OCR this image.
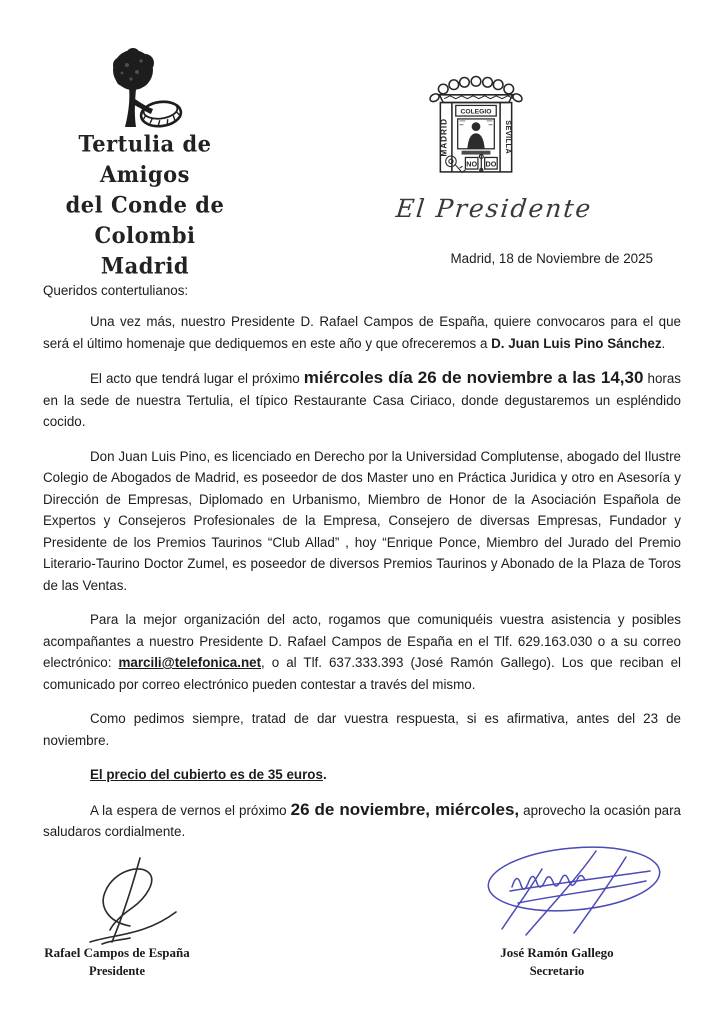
Tertulia de Amigos
del Conde de Colombi
Madrid
MADRID	SEVILLA
COLEGIO
NO DO
El Presidente
Madrid, 18 de Noviembre de 2025
Queridos contertulianos:

Una vez más, nuestro Presidente D. Rafael Campos de España, quiere convocaros para el que será el último homenaje que dediquemos en este año y que ofreceremos a D. Juan Luis Pino Sánchez.

El acto que tendrá lugar el próximo miércoles día 26 de noviembre a las 14,30 horas en la sede de nuestra Tertulia, el típico Restaurante Casa Ciriaco, donde degustaremos un espléndido cocido.

Don Juan Luis Pino, es licenciado en Derecho por la Universidad Complutense, abogado del Ilustre Colegio de Abogados de Madrid, es poseedor de dos Master uno en Práctica Juridica y otro en Asesoría y Dirección de Empresas, Diplomado en Urbanismo, Miembro de Honor de la Asociación Española de Expertos y Consejeros Profesionales de la Empresa, Consejero de diversas Empresas, Fundador y Presidente de los Premios Taurinos “Club Allad” , hoy “Enrique Ponce, Miembro del Jurado del Premio Literario-Taurino Doctor Zumel, es poseedor de diversos Premios Taurinos y Abonado de la Plaza de Toros de las Ventas.

Para la mejor organización del acto, rogamos que comuniquéis vuestra asistencia y posibles acompañantes a nuestro Presidente D. Rafael Campos de España en el Tlf. 629.163.030 o a su correo electrónico: marcili@telefonica.net, o al Tlf. 637.333.393 (José Ramón Gallego). Los que reciban el comunicado por correo electrónico pueden contestar a través del mismo.

Como pedimos siempre, tratad de dar vuestra respuesta, si es afirmativa, antes del 23 de noviembre.

El precio del cubierto es de 35 euros.

A la espera de vernos el próximo 26 de noviembre, miércoles, aprovecho la ocasión para saludaros cordialmente.

Rafael Campos de España
Presidente
José Ramón Gallego
Secretario
